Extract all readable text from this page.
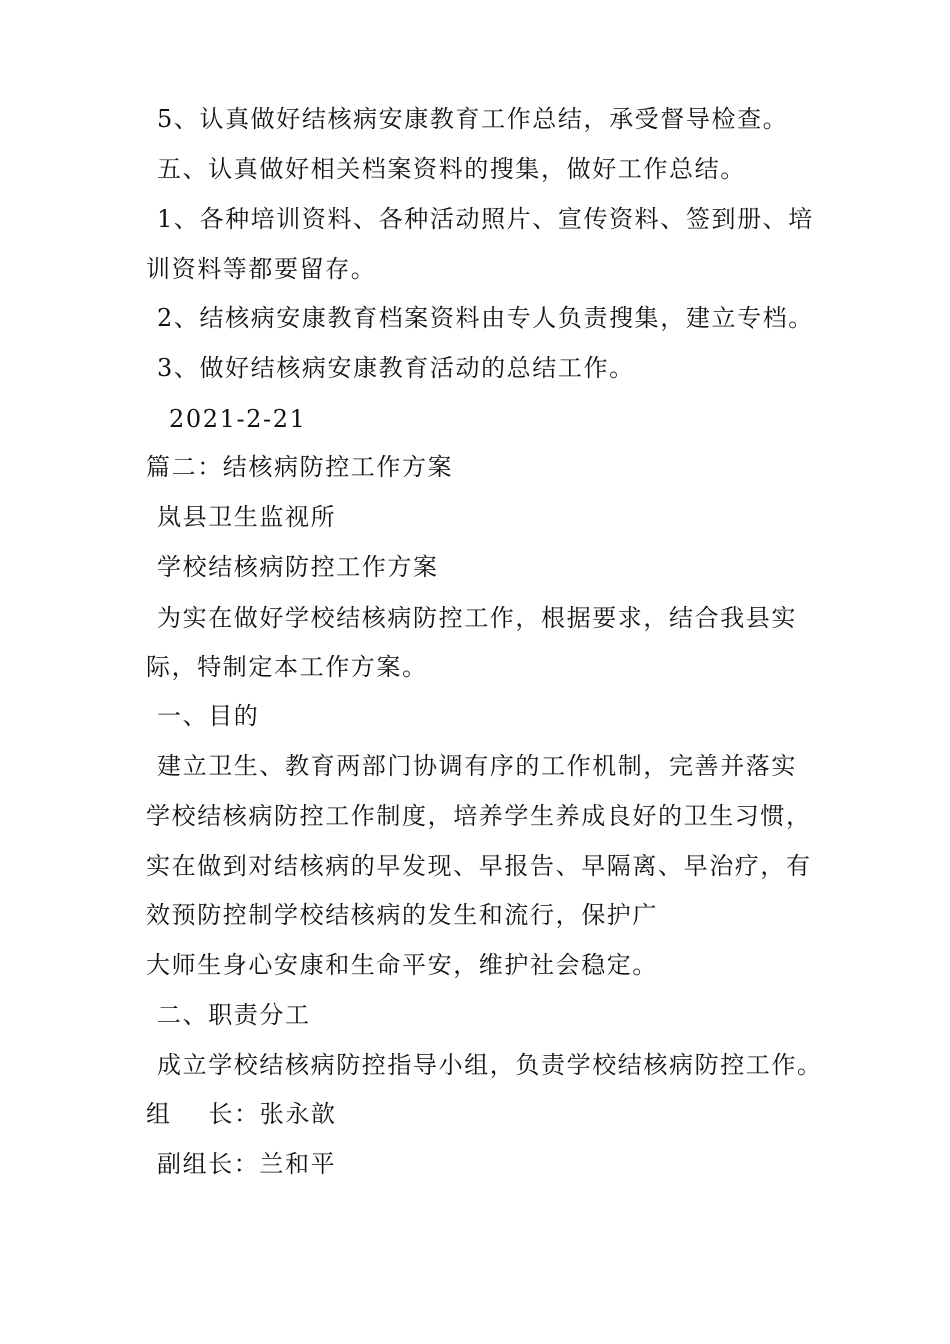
5、认真做好结核病安康教育工作总结，承受督导检查。

五、认真做好相关档案资料的搜集，做好工作总结。

1、各种培训资料、各种活动照片、宣传资料、签到册、培

训资料等都要留存。

2、结核病安康教育档案资料由专人负责搜集，建立专档。

3、做好结核病安康教育活动的总结工作。

2021-2-21

篇二：结核病防控工作方案

岚县卫生监视所

学校结核病防控工作方案

为实在做好学校结核病防控工作，根据要求，结合我县实

际，特制定本工作方案。

一、目的

建立卫生、教育两部门协调有序的工作机制，完善并落实

学校结核病防控工作制度，培养学生养成良好的卫生习惯，

实在做到对结核病的早发现、早报告、早隔离、早治疗，有

效预防控制学校结核病的发生和流行，保护广

大师生身心安康和生命平安，维护社会稳定。

二、职责分工

成立学校结核病防控指导小组，负责学校结核病防控工作。

组    长：张永歆

副组长：兰和平
